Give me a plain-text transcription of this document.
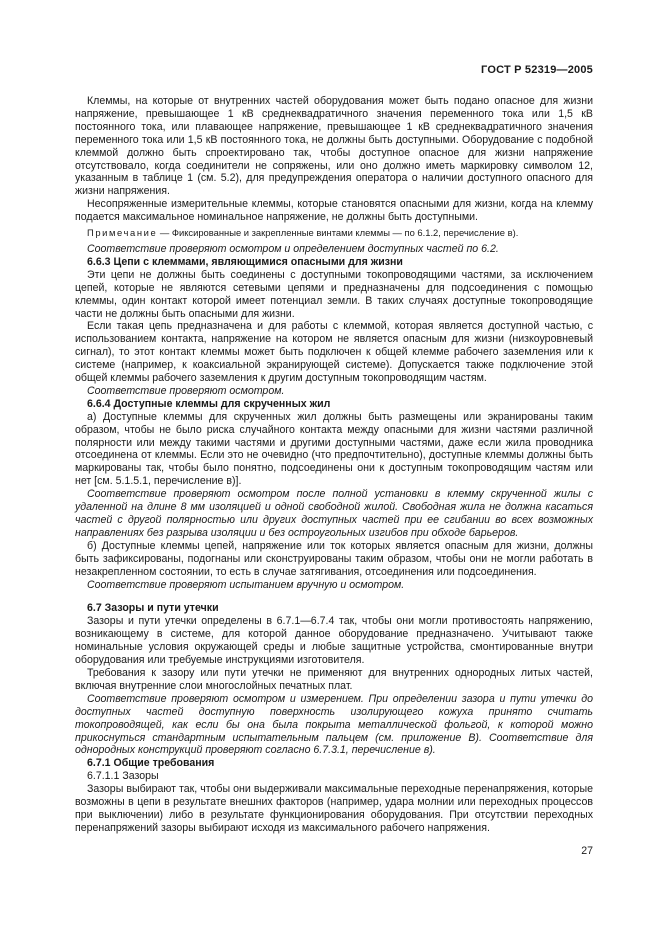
ГОСТ Р 52319—2005

Клеммы, на которые от внутренних частей оборудования может быть подано опасное для жизни напряжение, превышающее 1 кВ среднеквадратичного значения переменного тока или 1,5 кВ постоянного тока, или плавающее напряжение, превышающее 1 кВ среднеквадратичного значения переменного тока или 1,5 кВ постоянного тока, не должны быть доступными. Оборудование с подобной клеммой должно быть спроектировано так, чтобы доступное опасное для жизни напряжение отсутствовало, когда соединители не сопряжены, или оно должно иметь маркировку символом 12, указанным в таблице 1 (см. 5.2), для предупреждения оператора о наличии доступного опасного для жизни напряжения.

Несопряженные измерительные клеммы, которые становятся опасными для жизни, когда на клемму подается максимальное номинальное напряжение, не должны быть доступными.

Примечание — Фиксированные и закрепленные винтами клеммы — по 6.1.2, перечисление в).

Соответствие проверяют осмотром и определением доступных частей по 6.2.

6.6.3 Цепи с клеммами, являющимися опасными для жизни

Эти цепи не должны быть соединены с доступными токопроводящими частями, за исключением цепей, которые не являются сетевыми цепями и предназначены для подсоединения с помощью клеммы, один контакт которой имеет потенциал земли. В таких случаях доступные токопроводящие части не должны быть опасными для жизни.

Если такая цепь предназначена и для работы с клеммой, которая является доступной частью, с использованием контакта, напряжение на котором не является опасным для жизни (низкоуровневый сигнал), то этот контакт клеммы может быть подключен к общей клемме рабочего заземления или к системе (например, к коаксиальной экранирующей системе). Допускается также подключение этой общей клеммы рабочего заземления к другим доступным токопроводящим частям.

Соответствие проверяют осмотром.

6.6.4 Доступные клеммы для скрученных жил

а) Доступные клеммы для скрученных жил должны быть размещены или экранированы таким образом, чтобы не было риска случайного контакта между опасными для жизни частями различной полярности или между такими частями и другими доступными частями, даже если жила проводника отсоединена от клеммы. Если это не очевидно (что предпочтительно), доступные клеммы должны быть маркированы так, чтобы было понятно, подсоединены они к доступным токопроводящим частям или нет [см. 5.1.5.1, перечисление в)].

Соответствие проверяют осмотром после полной установки в клемму скрученной жилы с удаленной на длине 8 мм изоляцией и одной свободной жилой. Свободная жила не должна касаться частей с другой полярностью или других доступных частей при ее сгибании во всех возможных направлениях без разрыва изоляции и без остроугольных изгибов при обходе барьеров.

б) Доступные клеммы цепей, напряжение или ток которых является опасным для жизни, должны быть зафиксированы, подогнаны или сконструированы таким образом, чтобы они не могли работать в незакрепленном состоянии, то есть в случае затягивания, отсоединения или подсоединения.

Соответствие проверяют испытанием вручную и осмотром.

6.7 Зазоры и пути утечки

Зазоры и пути утечки определены в 6.7.1—6.7.4 так, чтобы они могли противостоять напряжению, возникающему в системе, для которой данное оборудование предназначено. Учитывают также номинальные условия окружающей среды и любые защитные устройства, смонтированные внутри оборудования или требуемые инструкциями изготовителя.

Требования к зазору или пути утечки не применяют для внутренних однородных литых частей, включая внутренние слои многослойных печатных плат.

Соответствие проверяют осмотром и измерением. При определении зазора и пути утечки до доступных частей доступную поверхность изолирующего кожуха принято считать токопроводящей, как если бы она была покрыта металлической фольгой, к которой можно прикоснуться стандартным испытательным пальцем (см. приложение В). Соответствие для однородных конструкций проверяют согласно 6.7.3.1, перечисление в).

6.7.1 Общие требования

6.7.1.1 Зазоры

Зазоры выбирают так, чтобы они выдерживали максимальные переходные перенапряжения, которые возможны в цепи в результате внешних факторов (например, удара молнии или переходных процессов при выключении) либо в результате функционирования оборудования. При отсутствии переходных перенапряжений зазоры выбирают исходя из максимального рабочего напряжения.

27
